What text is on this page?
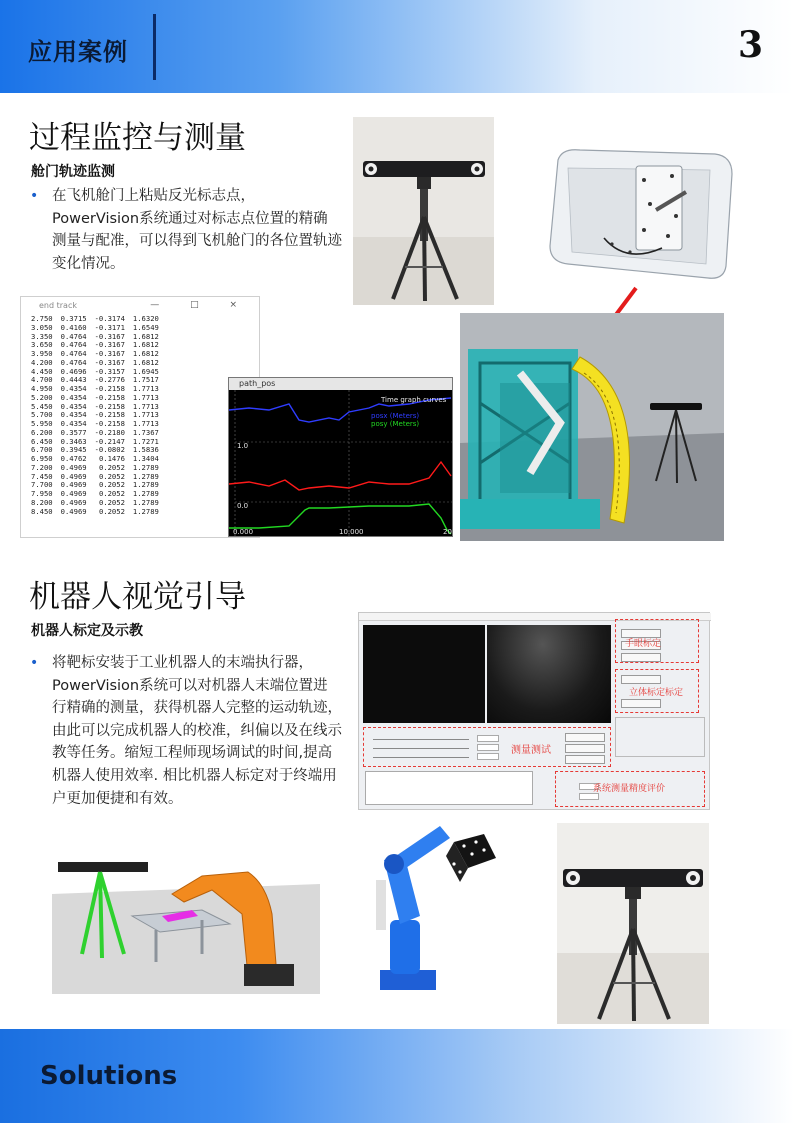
应用案例	3
过程监控与测量
舱门轨迹监测
• 在飞机舱门上粘贴反光标志点，PowerVision系统通过对标志点位置的精确测量与配准，可以得到飞机舱门的各位置轨迹变化情况。
end track	— □ ×
2.750	0.3715	-0.3174	1.6320
3.050	0.4160	-0.3171	1.6549
3.350	0.4764	-0.3167	1.6812
3.650	0.4764	-0.3167	1.6812
3.950	0.4764	-0.3167	1.6812
4.200	0.4764	-0.3167	1.6812
4.450	0.4696	-0.3157	1.6945
4.700	0.4443	-0.2776	1.7517
4.950	0.4354	-0.2158	1.7713
5.200	0.4354	-0.2158	1.7713
5.450	0.4354	-0.2158	1.7713
5.700	0.4354	-0.2158	1.7713
5.950	0.4354	-0.2158	1.7713
6.200	0.3577	-0.2180	1.7367
6.450	0.3463	-0.2147	1.7271
6.700	0.3945	-0.0802	1.5836
6.950	0.4762	0.1476	1.3404
7.200	0.4969	0.2052	1.2789
7.450	0.4969	0.2052	1.2789
7.700	0.4969	0.2052	1.2789
7.950	0.4969	0.2052	1.2789
8.200	0.4969	0.2052	1.2789
8.450	0.4969	0.2052	1.2789
path_pos
Time graph curves
posx (Meters)
posy (Meters)
1.0
0.0
0.000	10.000	20
机器人视觉引导
机器人标定及示教
• 将靶标安装于工业机器人的末端执行器，PowerVision系统可以对机器人末端位置进行精确的测量，获得机器人完整的运动轨迹，由此可以完成机器人的校准，纠偏以及在线示教等任务。缩短工程师现场调试的时间,提高机器人使用效率. 相比机器人标定对于终端用户更加便捷和有效。
手眼标定
立体标定标定
测量测试
系统测量精度评价
Solutions
